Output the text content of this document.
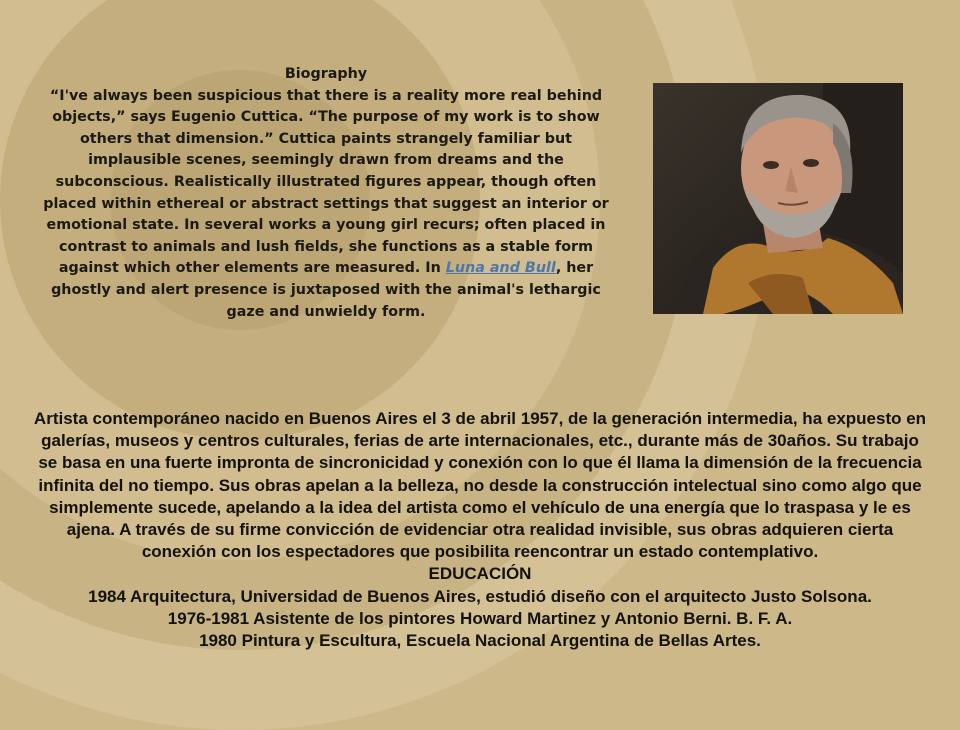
Biography
“I've always been suspicious that there is a reality more real behind objects,” says Eugenio Cuttica. “The purpose of my work is to show others that dimension.” Cuttica paints strangely familiar but implausible scenes, seemingly drawn from dreams and the subconscious. Realistically illustrated figures appear, though often placed within ethereal or abstract settings that suggest an interior or emotional state. In several works a young girl recurs; often placed in contrast to animals and lush fields, she functions as a stable form against which other elements are measured. In Luna and Bull, her ghostly and alert presence is juxtaposed with the animal's lethargic gaze and unwieldy form.
Artista contemporáneo nacido en Buenos Aires el 3 de abril 1957, de la generación intermedia, ha expuesto en galerías, museos y centros culturales, ferias de arte internacionales, etc., durante más de 30años. Su trabajo se basa en una fuerte impronta de sincronicidad y conexión con lo que él llama la dimensión de la frecuencia infinita del no tiempo. Sus obras apelan a la belleza, no desde la construcción intelectual sino como algo que simplemente sucede, apelando a la idea del artista como el vehículo de una energía que lo traspasa y le es ajena. A través de su firme convicción de evidenciar otra realidad invisible, sus obras adquieren cierta conexión con los espectadores que posibilita reencontrar un estado contemplativo.
EDUCACIÓN
1984 Arquitectura, Universidad de Buenos Aires, estudió diseño con el arquitecto Justo Solsona.
1976-1981 Asistente de los pintores Howard Martinez y Antonio Berni. B. F. A.
1980 Pintura y Escultura, Escuela Nacional Argentina de Bellas Artes.
